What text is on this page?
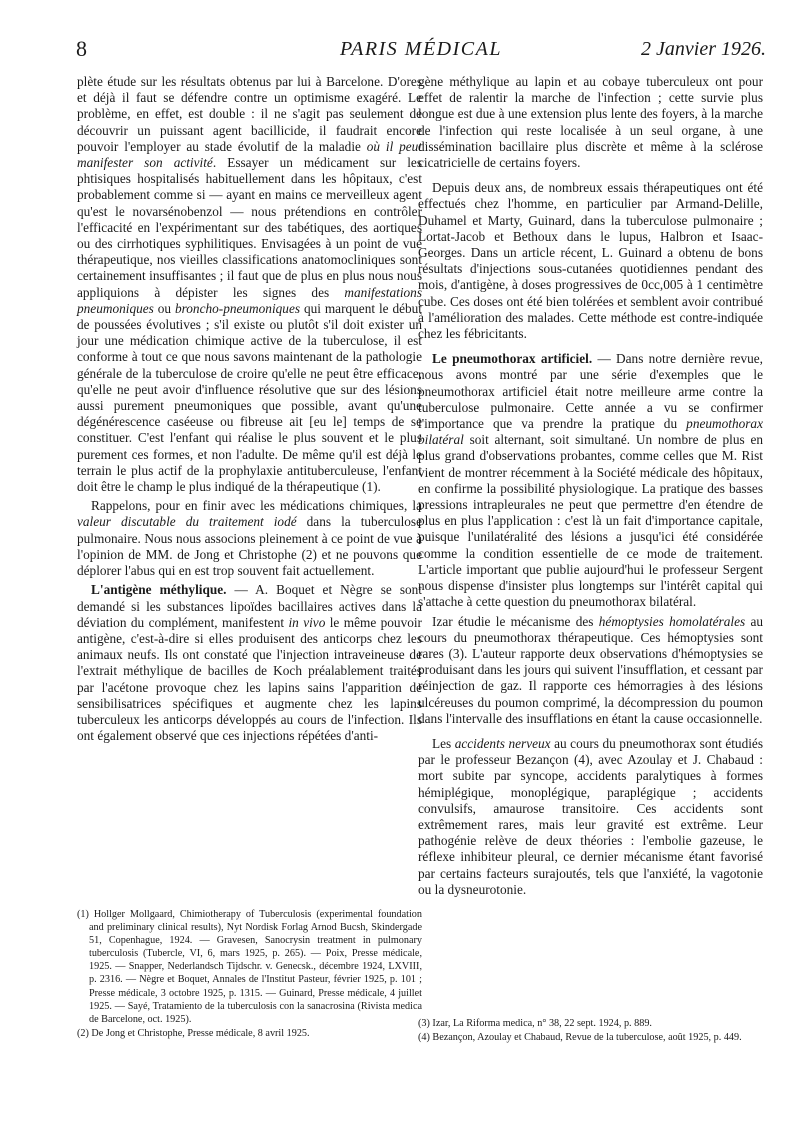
8	PARIS MÉDICAL	2 Janvier 1926.

plète étude sur les résultats obtenus par lui à Barcelone. D'ores et déjà il faut se défendre contre un optimisme exagéré. Le problème, en effet, est double : il ne s'agit pas seulement de découvrir un puissant agent bacillicide, il faudrait encore pouvoir l'employer au stade évolutif de la maladie où il peut manifester son activité. Essayer un médicament sur les phtisiques hospitalisés habituellement dans les hôpitaux, c'est probablement comme si — ayant en mains ce merveilleux agent qu'est le novarsénobenzol — nous prétendions en contrôler l'efficacité en l'expérimentant sur des tabétiques, des aortiques ou des cirrhotiques syphilitiques. Envisagées à un point de vue thérapeutique, nos vieilles classifications anatomocliniques sont certainement insuffisantes ; il faut que de plus en plus nous nous appliquions à dépister les signes des manifestations pneumoniques ou broncho-pneumoniques qui marquent le début de poussées évolutives ; s'il existe ou plutôt s'il doit exister un jour une médication chimique active de la tuberculose, il est conforme à tout ce que nous savons maintenant de la pathologie générale de la tuberculose de croire qu'elle ne peut être efficace, qu'elle ne peut avoir d'influence résolutive que sur des lésions aussi purement pneumoniques que possible, avant qu'une dégénérescence caséeuse ou fibreuse ait [eu le] temps de se constituer. C'est l'enfant qui réalise le plus souvent et le plus purement ces formes, et non l'adulte. De même qu'il est déjà le terrain le plus actif de la prophylaxie antituberculeuse, l'enfant doit être le champ le plus indiqué de la thérapeutique (1).

Rappelons, pour en finir avec les médications chimiques, la valeur discutable du traitement iodé dans la tuberculose pulmonaire. Nous nous associons pleinement à ce point de vue à l'opinion de MM. de Jong et Christophe (2) et ne pouvons que déplorer l'abus qui en est trop souvent fait actuellement.

L'antigène méthylique. — A. Boquet et Nègre se sont demandé si les substances lipoïdes bacillaires actives dans la déviation du complément, manifestent in vivo le même pouvoir antigène, c'est-à-dire si elles produisent des anticorps chez les animaux neufs. Ils ont constaté que l'injection intraveineuse de l'extrait méthylique de bacilles de Koch préalablement traités par l'acétone provoque chez les lapins sains l'apparition de sensibilisatrices spécifiques et augmente chez les lapins tuberculeux les anticorps développés au cours de l'infection. Ils ont également observé que ces injections répétées d'anti-

(1) Hollger Mollgaard, Chimiotherapy of Tuberculosis (experimental foundation and preliminary clinical results), Nyt Nordisk Forlag Arnod Bucsh, Skindergade 51, Copenhague, 1924. — Gravesen, Sanocrysin treatment in pulmonary tuberculosis (Tubercle, VI, 6, mars 1925, p. 265). — Poix, Presse médicale, 1925. — Snapper, Nederlandsch Tijdschr. v. Genecsk., décembre 1924, LXVIII, p. 2316. — Nègre et Boquet, Annales de l'Institut Pasteur, février 1925, p. 101 ; Presse médicale, 3 octobre 1925, p. 1315. — Guinard, Presse médicale, 4 juillet 1925. — Sayé, Tratamiento de la tuberculosis con la sanacrosina (Rivista medica de Barcelone, oct. 1925).

(2) De Jong et Christophe, Presse médicale, 8 avril 1925.

gène méthylique au lapin et au cobaye tuberculeux ont pour effet de ralentir la marche de l'infection ; cette survie plus longue est due à une extension plus lente des foyers, à la marche de l'infection qui reste localisée à un seul organe, à une dissémination bacillaire plus discrète et même à la sclérose cicatricielle de certains foyers.

Depuis deux ans, de nombreux essais thérapeutiques ont été effectués chez l'homme, en particulier par Armand-Delille, Duhamel et Marty, Guinard, dans la tuberculose pulmonaire ; Lortat-Jacob et Bethoux dans le lupus, Halbron et Isaac-Georges. Dans un article récent, L. Guinard a obtenu de bons résultats d'injections sous-cutanées quotidiennes pendant des mois, d'antigène, à doses progressives de 0cc,005 à 1 centimètre cube. Ces doses ont été bien tolérées et semblent avoir contribué à l'amélioration des malades. Cette méthode est contre-indiquée chez les fébricitants.

Le pneumothorax artificiel. — Dans notre dernière revue, nous avons montré par une série d'exemples que le pneumothorax artificiel était notre meilleure arme contre la tuberculose pulmonaire. Cette année a vu se confirmer l'importance que va prendre la pratique du pneumothorax bilatéral soit alternant, soit simultané. Un nombre de plus en plus grand d'observations probantes, comme celles que M. Rist vient de montrer récemment à la Société médicale des hôpitaux, en confirme la possibilité physiologique. La pratique des basses pressions intrapleurales ne peut que permettre d'en étendre de plus en plus l'application : c'est là un fait d'importance capitale, puisque l'unilatéralité des lésions a jusqu'ici été considérée comme la condition essentielle de ce mode de traitement. L'article important que publie aujourd'hui le professeur Sergent nous dispense d'insister plus longtemps sur l'intérêt capital qui s'attache à cette question du pneumothorax bilatéral.

Izar étudie le mécanisme des hémoptysies homolatérales au cours du pneumothorax thérapeutique. Ces hémoptysies sont rares (3). L'auteur rapporte deux observations d'hémoptysies se produisant dans les jours qui suivent l'insufflation, et cessant par réinjection de gaz. Il rapporte ces hémorragies à des lésions ulcéreuses du poumon comprimé, la décompression du poumon dans l'intervalle des insufflations en étant la cause occasionnelle.

Les accidents nerveux au cours du pneumothorax sont étudiés par le professeur Bezançon (4), avec Azoulay et J. Chabaud : mort subite par syncope, accidents paralytiques à formes hémiplégique, monoplégique, paraplégique ; accidents convulsifs, amaurose transitoire. Ces accidents sont extrêmement rares, mais leur gravité est extrême. Leur pathogénie relève de deux théories : l'embolie gazeuse, le réflexe inhibiteur pleural, ce dernier mécanisme étant favorisé par certains facteurs surajoutés, tels que l'anxiété, la vagotonie ou la dysneurotonie.

(3) Izar, La Riforma medica, n° 38, 22 sept. 1924, p. 889.

(4) Bezançon, Azoulay et Chabaud, Revue de la tuberculose, août 1925, p. 449.
